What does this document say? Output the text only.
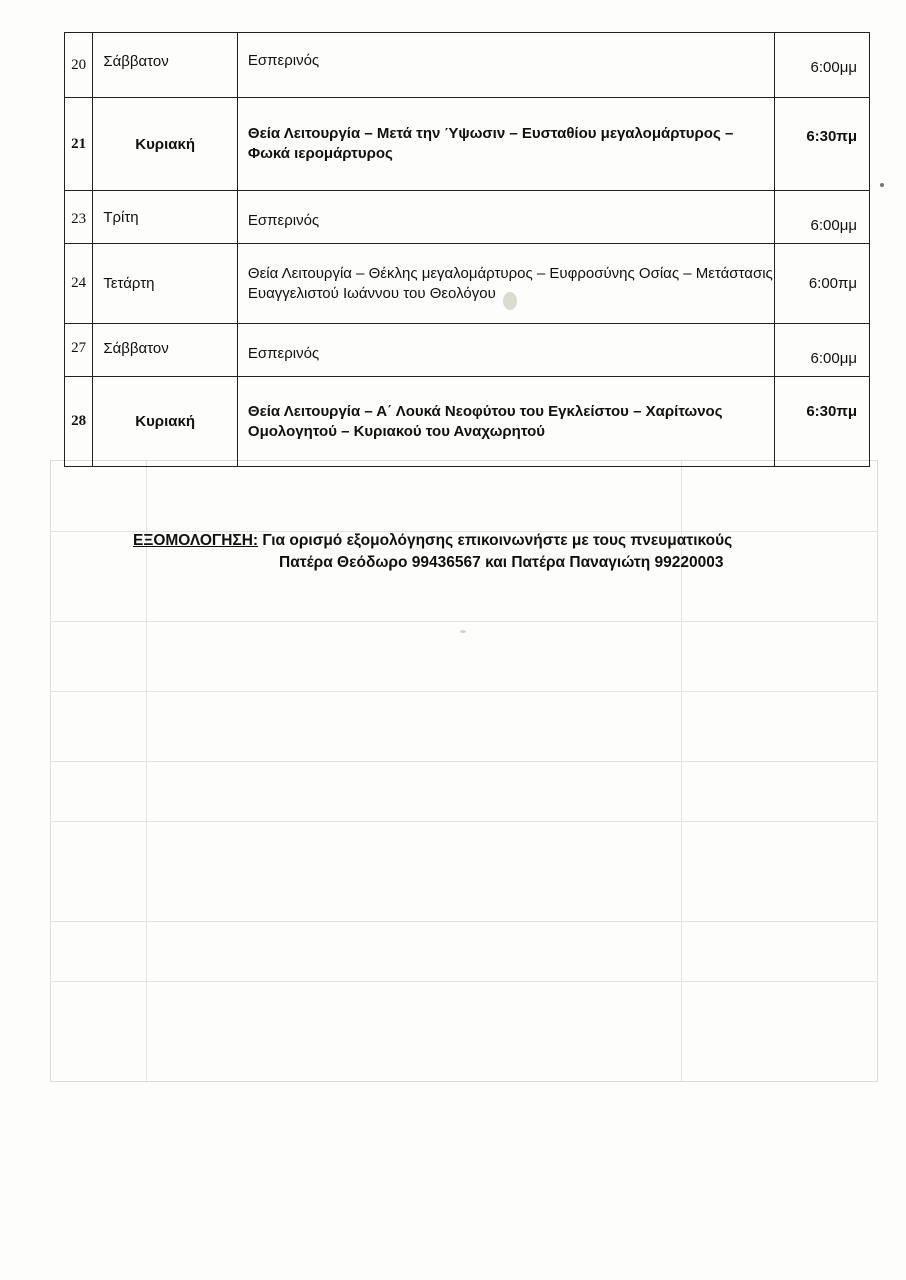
20	Σάββατον	Εσπερινός	6:00μμ

21	Κυριακή	Θεία Λειτουργία – Μετά την Ύψωσιν – Ευσταθίου μεγαλομάρτυρος – Φωκά ιερομάρτυρος	6:30πμ

23	Τρίτη	Εσπερινός	6:00μμ

24	Τετάρτη	Θεία Λειτουργία – Θέκλης μεγαλομάρτυρος – Ευφροσύνης Οσίας – Μετάστασις Ευαγγελιστού Ιωάννου του Θεολόγου	6:00πμ

27	Σάββατον	Εσπερινός	6:00μμ

28	Κυριακή	Θεία Λειτουργία – Α΄ Λουκά Νεοφύτου του Εγκλείστου – Χαρίτωνος Ομολογητού – Κυριακού του Αναχωρητού	6:30πμ
ΕΞΟΜΟΛΟΓΗΣΗ: Για ορισμό εξομολόγησης επικοινωνήστε με τους πνευματικούς
Πατέρα Θεόδωρο 99436567 και Πατέρα Παναγιώτη 99220003
